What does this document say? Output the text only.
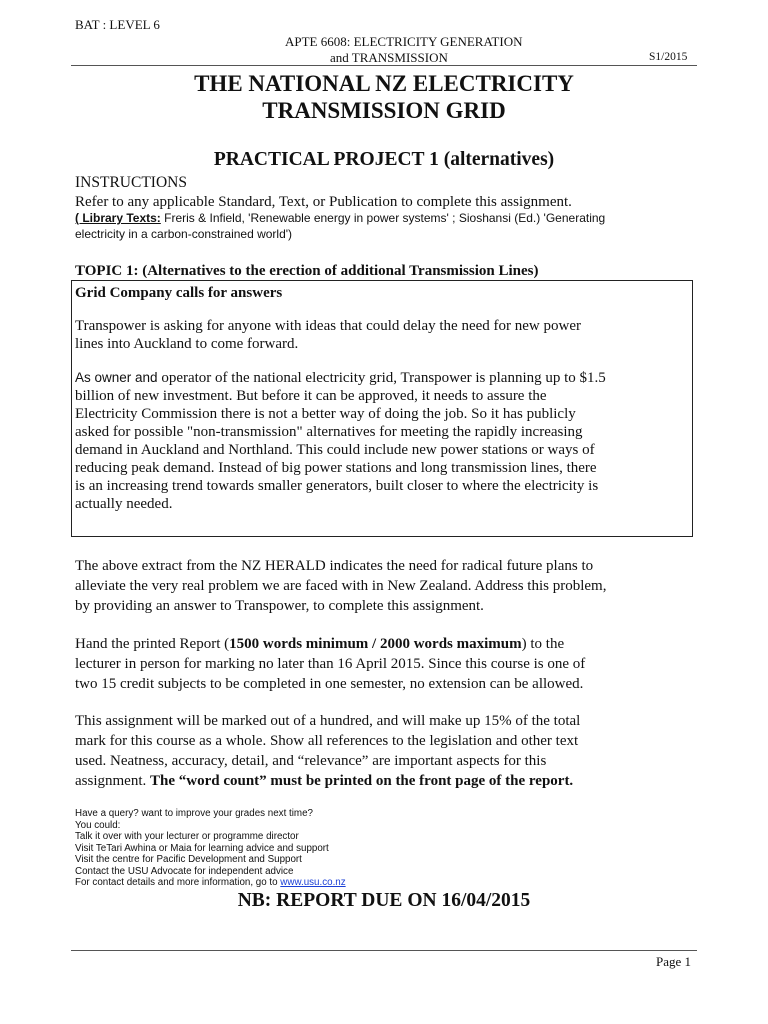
BAT : LEVEL 6
APTE 6608: ELECTRICITY GENERATION
and TRANSMISSION	S1/2015
THE NATIONAL NZ ELECTRICITY
TRANSMISSION GRID
PRACTICAL PROJECT 1 (alternatives)
INSTRUCTIONS
Refer to any applicable Standard, Text, or Publication to complete this assignment.
( Library Texts: Freris & Infield, 'Renewable energy in power systems' ; Sioshansi (Ed.) 'Generating
electricity in a carbon-constrained world')
TOPIC 1: (Alternatives to the erection of additional Transmission Lines)
Grid Company calls for answers
Transpower is asking for anyone with ideas that could delay the need for new power
lines into Auckland to come forward.
As owner and operator of the national electricity grid, Transpower is planning up to $1.5
billion of new investment. But before it can be approved, it needs to assure the
Electricity Commission there is not a better way of doing the job. So it has publicly
asked for possible "non-transmission" alternatives for meeting the rapidly increasing
demand in Auckland and Northland. This could include new power stations or ways of
reducing peak demand. Instead of big power stations and long transmission lines, there
is an increasing trend towards smaller generators, built closer to where the electricity is
actually needed.
The above extract from the NZ HERALD indicates the need for radical future plans to
alleviate the very real problem we are faced with in New Zealand. Address this problem,
by providing an answer to Transpower, to complete this assignment.
Hand the printed Report (1500 words minimum / 2000 words maximum) to the
lecturer in person for marking no later than 16 April 2015. Since this course is one of
two 15 credit subjects to be completed in one semester, no extension can be allowed.
This assignment will be marked out of a hundred, and will make up 15% of the total
mark for this course as a whole. Show all references to the legislation and other text
used. Neatness, accuracy, detail, and “relevance” are important aspects for this
assignment. The “word count” must be printed on the front page of the report.
Have a query? want to improve your grades next time?
You could:
Talk it over with your lecturer or programme director
Visit TeTari Awhina or Maia for learning advice and support
Visit the centre for Pacific Development and Support
Contact the USU Advocate for independent advice
For contact details and more information, go to www.usu.co.nz
NB: REPORT DUE ON 16/04/2015
Page 1
